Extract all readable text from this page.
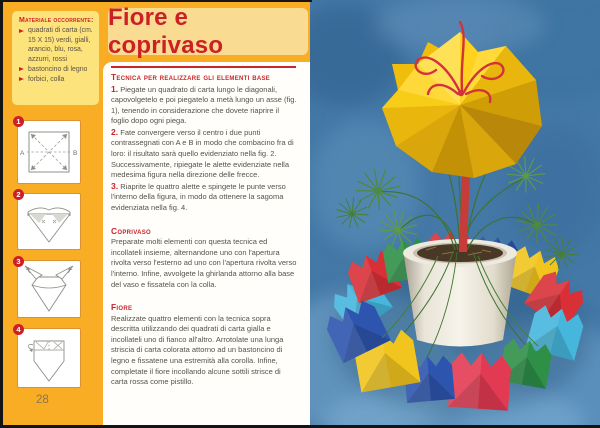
Materiale occorrente:
quadrati di carta (cm. 15 X 15) verdi, gialli, arancio, blu, rosa, azzurri, rossi
bastoncino di legno
forbici, colla
1
A	B
2
3
4
28
Fiore e coprivaso
Tecnica per realizzare gli elementi base

1. Piegate un quadrato di carta lungo le diagonali, capovolgetelo e poi piegatelo a metà lungo un asse (fig. 1), tenendo in considerazione che dovete riaprire il foglio dopo ogni piega.

2. Fate convergere verso il centro i due punti contrassegnati con A e B in modo che combacino fra di loro: il risultato sarà quello evidenziato nella fig. 2. Successivamente, ripiegate le alette evidenziate nella medesima figura nella direzione delle frecce.

3. Riaprite le quattro alette e spingete le punte verso l'interno della figura, in modo da ottenere la sagoma evidenziata nella fig. 4.

Coprivaso

Preparate molti elementi con questa tecnica ed incollateli insieme, alternandone uno con l'apertura rivolta verso l'esterno ad uno con l'apertura rivolta verso l'interno. Infine, avvolgete la ghirlanda attorno alla base del vaso e fissatela con la colla.

Fiore

Realizzate quattro elementi con la tecnica sopra descritta utilizzando dei quadrati di carta gialla e incollateli uno di fianco all'altro. Arrotolate una lunga striscia di carta colorata attorno ad un bastoncino di legno e fissatene una estremità alla corolla. Infine, completate il fiore incollando alcune sottili strisce di carta rossa come pistillo.
